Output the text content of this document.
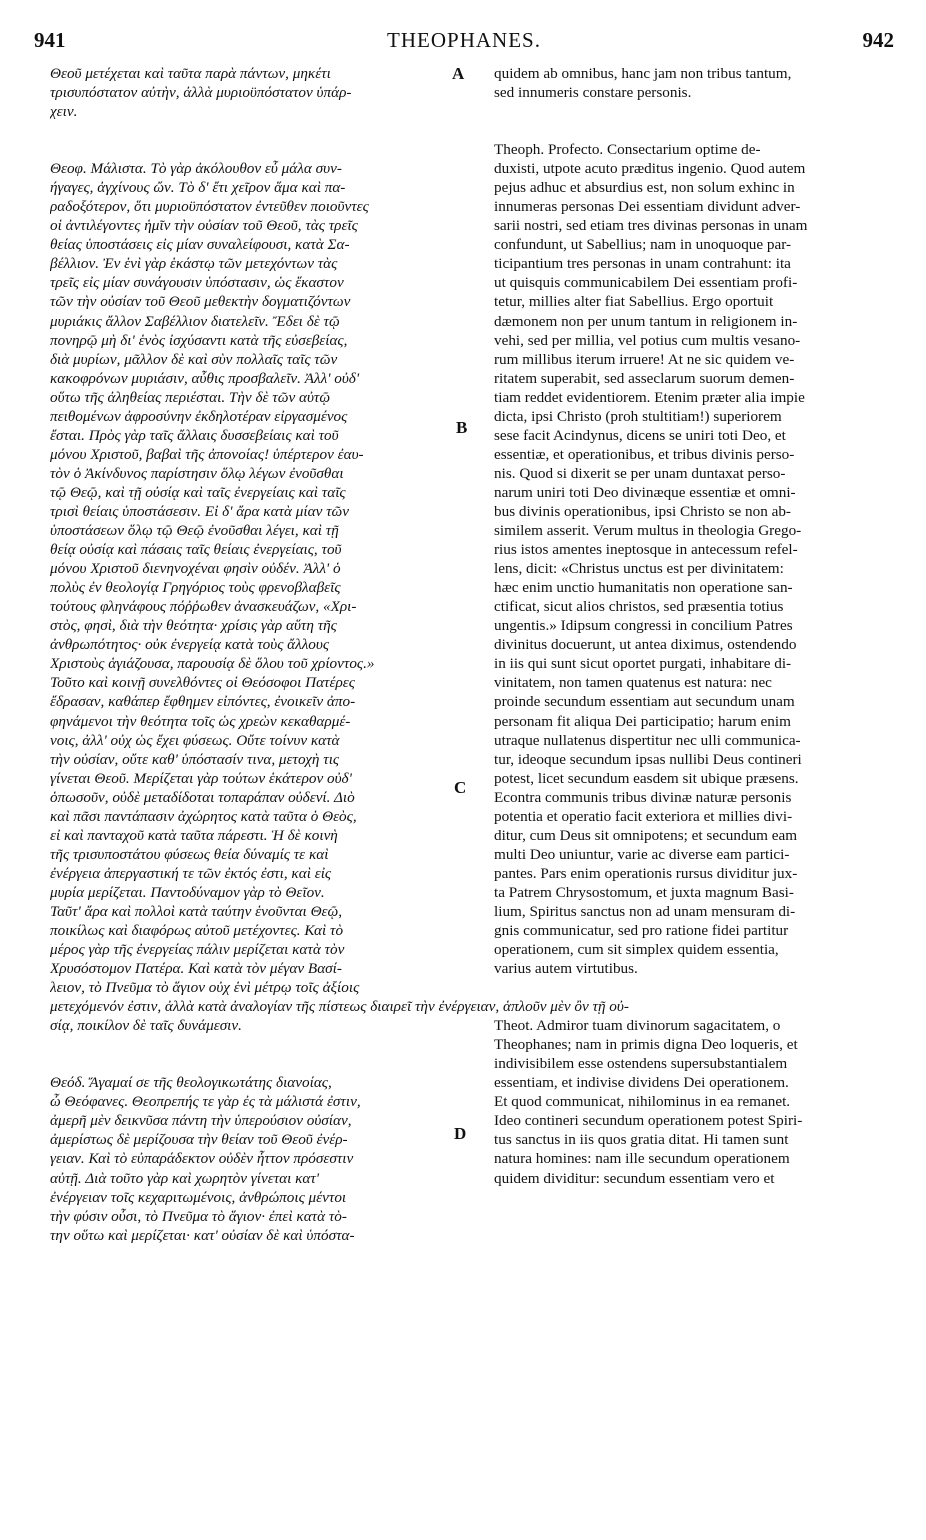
941	THEOPHANES.	942
A
B
C
D
Θεοῦ μετέχεται καὶ ταῦτα παρὰ πάντων, μηκέτι
τρισυπόστατον αὐτὴν, ἀλλὰ μυριοϋπόστατον ὑπάρ-
χειν.
Θεοφ. Μάλιστα. Τὸ γὰρ ἀκόλουθον εὖ μάλα συν-
ήγαγες, ἀγχίνους ὤν. Τὸ δ' ἔτι χεῖρον ἅμα καὶ πα-
ραδοξότερον, ὅτι μυριοϋπόστατον ἐντεῦθεν ποιοῦντες
οἱ ἀντιλέγοντες ἡμῖν τὴν οὐσίαν τοῦ Θεοῦ, τὰς τρεῖς
θείας ὑποστάσεις εἰς μίαν συναλείφουσι, κατὰ Σα-
βέλλιον. Ἐν ἑνὶ γὰρ ἑκάστῳ τῶν μετεχόντων τὰς
τρεῖς εἰς μίαν συνάγουσιν ὑπόστασιν, ὡς ἕκαστον
τῶν τὴν οὐσίαν τοῦ Θεοῦ μεθεκτὴν δογματιζόντων
μυριάκις ἄλλον Σαβέλλιον διατελεῖν. Ἔδει δὲ τῷ
πονηρῷ μὴ δι' ἑνὸς ἰσχύσαντι κατὰ τῆς εὐσεβείας,
διὰ μυρίων, μᾶλλον δὲ καὶ σὺν πολλαῖς ταῖς τῶν
κακοφρόνων μυριάσιν, αὖθις προσβαλεῖν. Ἀλλ' οὐδ'
οὕτω τῆς ἀληθείας περιέσται. Τὴν δὲ τῶν αὐτῷ
πειθομένων ἀφροσύνην ἐκδηλοτέραν εἰργασμένος
ἔσται. Πρὸς γὰρ ταῖς ἄλλαις δυσσεβείαις καὶ τοῦ
μόνου Χριστοῦ, βαβαὶ τῆς ἀπονοίας! ὑπέρτερον ἐαυ-
τὸν ὁ Ἀκίνδυνος παρίστησιν ὅλῳ λέγων ἐνοῦσθαι
τῷ Θεῷ, καὶ τῇ οὐσίᾳ καὶ ταῖς ἐνεργείαις καὶ ταῖς
τρισὶ θείαις ὑποστάσεσιν. Εἰ δ' ἄρα κατὰ μίαν τῶν
ὑποστάσεων ὅλῳ τῷ Θεῷ ἐνοῦσθαι λέγει, καὶ τῇ
θείᾳ οὐσίᾳ καὶ πάσαις ταῖς θείαις ἐνεργείαις, τοῦ
μόνου Χριστοῦ διενηνοχέναι φησὶν οὐδέν. Ἀλλ' ὁ
πολὺς ἐν θεολογίᾳ Γρηγόριος τοὺς φρενοβλαβεῖς
τούτους φληνάφους πόῤῥωθεν ἀνασκευάζων, «Χρι-
στὸς, φησὶ, διὰ τὴν θεότητα· χρίσις γὰρ αὕτη τῆς
ἀνθρωπότητος· οὐκ ἐνεργείᾳ κατὰ τοὺς ἄλλους
Χριστοὺς ἁγιάζουσα, παρουσίᾳ δὲ ὅλου τοῦ χρίοντος.»
Τοῦτο καὶ κοινῇ συνελθόντες οἱ Θεόσοφοι Πατέρες
ἔδρασαν, καθάπερ ἔφθημεν εἰπόντες, ἐνοικεῖν ἀπο-
φηνάμενοι τὴν θεότητα τοῖς ὡς χρεὼν κεκαθαρμέ-
νοις, ἀλλ' οὐχ ὡς ἔχει φύσεως. Οὔτε τοίνυν κατὰ
τὴν οὐσίαν, οὔτε καθ' ὑπόστασίν τινα, μετοχὴ τις
γίνεται Θεοῦ. Μερίζεται γὰρ τούτων ἑκάτερον οὐδ'
ὁπωσοῦν, οὐδὲ μεταδίδοται τοπαράπαν οὐδενί. Διὸ
καὶ πᾶσι παντάπασιν ἀχώρητος κατὰ ταῦτα ὁ Θεὸς,
εἰ καὶ πανταχοῦ κατὰ ταῦτα πάρεστι. Ἡ δὲ κοινὴ
τῆς τρισυποστάτου φύσεως θεία δύναμίς τε καὶ
ἐνέργεια ἀπεργαστική τε τῶν ἐκτός ἐστι, καὶ εἰς
μυρία μερίζεται. Παντοδύναμον γὰρ τὸ Θεῖον.
Ταῦτ' ἄρα καὶ πολλοὶ κατὰ ταύτην ἑνοῦνται Θεῷ,
ποικίλως καὶ διαφόρως αὐτοῦ μετέχοντες. Καὶ τὸ
μέρος γὰρ τῆς ἐνεργείας πάλιν μερίζεται κατὰ τὸν
Χρυσόστομον Πατέρα. Καὶ κατὰ τὸν μέγαν Βασί-
λειον, τὸ Πνεῦμα τὸ ἅγιον οὐχ ἑνὶ μέτρῳ τοῖς ἀξίοις
μετεχόμενόν ἐστιν, ἀλλὰ κατὰ ἀναλογίαν τῆς πίστεως διαιρεῖ τὴν ἐνέργειαν, ἁπλοῦν μὲν ὂν τῇ οὐ-
σίᾳ, ποικίλον δὲ ταῖς δυνάμεσιν.
Θεόδ. Ἄγαμαί σε τῆς θεολογικωτάτης διανοίας,
ὦ Θεόφανες. Θεοπρεπής τε γὰρ ἐς τὰ μάλιστά ἐστιν,
ἀμερῆ μὲν δεικνῦσα πάντη τὴν ὑπερούσιον οὐσίαν,
ἀμερίστως δὲ μερίζουσα τὴν θείαν τοῦ Θεοῦ ἐνέρ-
γειαν. Καὶ τὸ εὐπαράδεκτον οὐδὲν ἧττον πρόσεστιν
αὐτῇ. Διὰ τοῦτο γὰρ καὶ χωρητὸν γίνεται κατ'
ἐνέργειαν τοῖς κεχαριτωμένοις, ἀνθρώποις μέντοι
τὴν φύσιν οὖσι, τὸ Πνεῦμα τὸ ἅγιον· ἐπεὶ κατὰ τὸ-
την οὕτω καὶ μερίζεται· κατ' οὐσίαν δὲ καὶ ὑπόστα-
quidem ab omnibus, hanc jam non tribus tantum,
sed innumeris constare personis.
Theoph. Profecto. Consectarium optime de-
duxisti, utpote acuto præditus ingenio. Quod autem
pejus adhuc et absurdius est, non solum exhinc in
innumeras personas Dei essentiam dividunt adver-
sarii nostri, sed etiam tres divinas personas in unam
confundunt, ut Sabellius; nam in unoquoque par-
ticipantium tres personas in unam contrahunt: ita
ut quisquis communicabilem Dei essentiam profi-
tetur, millies alter fiat Sabellius. Ergo oportuit
dæmonem non per unum tantum in religionem in-
vehi, sed per millia, vel potius cum multis vesano-
rum millibus iterum irruere! At ne sic quidem ve-
ritatem superabit, sed asseclarum suorum demen-
tiam reddet evidentiorem. Etenim præter alia impie
dicta, ipsi Christo (proh stultitiam!) superiorem
sese facit Acindynus, dicens se uniri toti Deo, et
essentiæ, et operationibus, et tribus divinis perso-
nis. Quod si dixerit se per unam duntaxat perso-
narum uniri toti Deo divinæque essentiæ et omni-
bus divinis operationibus, ipsi Christo se non ab-
similem asserit. Verum multus in theologia Grego-
rius istos amentes ineptosque in antecessum refel-
lens, dicit: «Christus unctus est per divinitatem:
hæc enim unctio humanitatis non operatione san-
ctificat, sicut alios christos, sed præsentia totius
ungentis.» Idipsum congressi in concilium Patres
divinitus docuerunt, ut antea diximus, ostendendo
in iis qui sunt sicut oportet purgati, inhabitare di-
vinitatem, non tamen quatenus est natura: nec
proinde secundum essentiam aut secundum unam
personam fit aliqua Dei participatio; harum enim
utraque nullatenus dispertitur nec ulli communica-
tur, ideoque secundum ipsas nullibi Deus contineri
potest, licet secundum easdem sit ubique præsens.
Econtra communis tribus divinæ naturæ personis
potentia et operatio facit exteriora et millies divi-
ditur, cum Deus sit omnipotens; et secundum eam
multi Deo uniuntur, varie ac diverse eam partici-
pantes. Pars enim operationis rursus dividitur jux-
ta Patrem Chrysostomum, et juxta magnum Basi-
lium, Spiritus sanctus non ad unam mensuram di-
gnis communicatur, sed pro ratione fidei partitur
operationem, cum sit simplex quidem essentia,
varius autem virtutibus.
Theot. Admiror tuam divinorum sagacitatem, o
Theophanes; nam in primis digna Deo loqueris, et
indivisibilem esse ostendens supersubstantialem
essentiam, et indivise dividens Dei operationem.
Et quod communicat, nihilominus in ea remanet.
Ideo contineri secundum operationem potest Spiri-
tus sanctus in iis quos gratia ditat. Hi tamen sunt
natura homines: nam ille secundum operationem
quidem dividitur: secundum essentiam vero et
